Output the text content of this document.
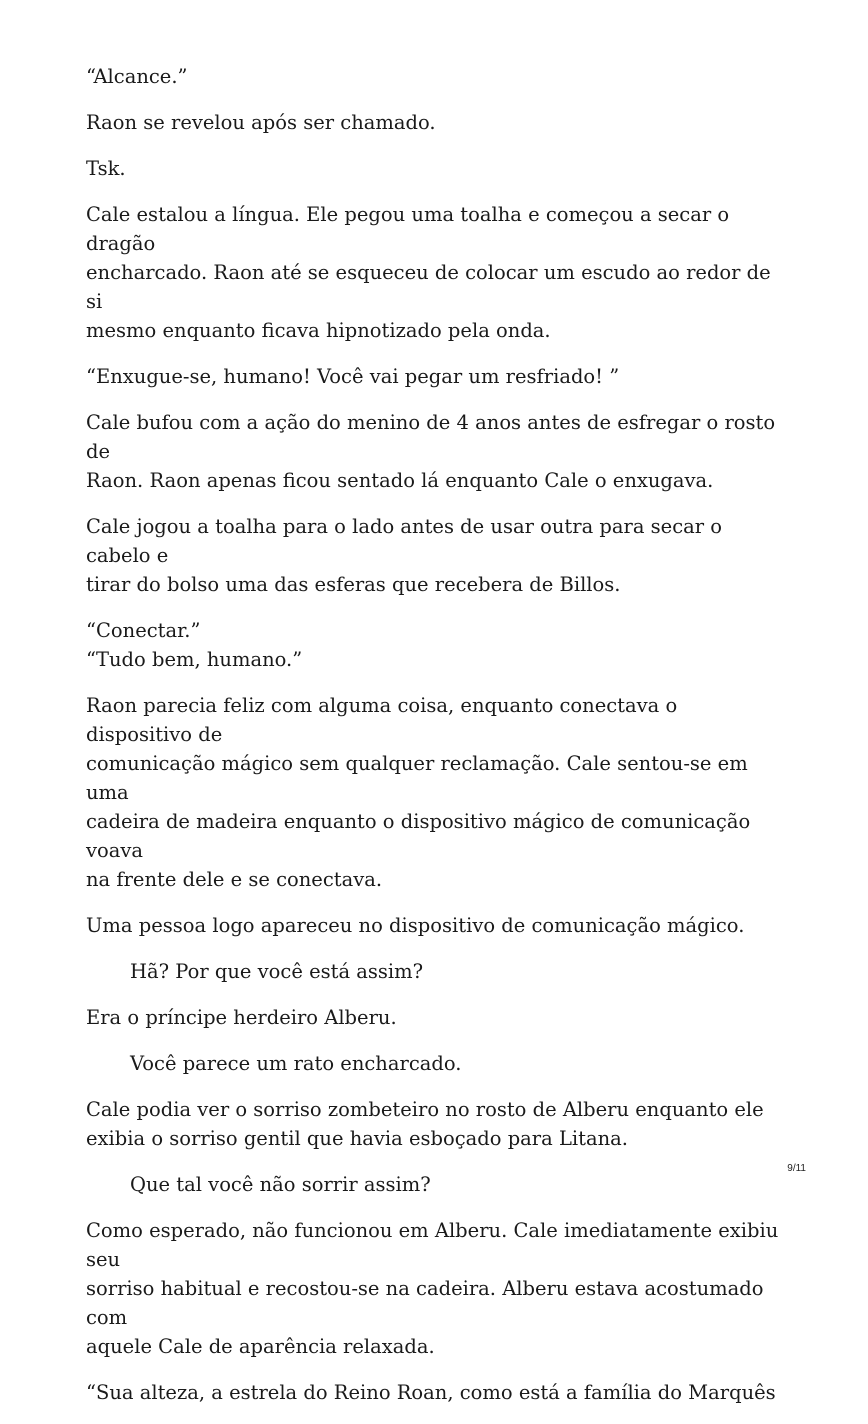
“Alcance.”

Raon se revelou após ser chamado.

Tsk.

Cale estalou a língua. Ele pegou uma toalha e começou a secar o dragão
encharcado. Raon até se esqueceu de colocar um escudo ao redor de si
mesmo enquanto ficava hipnotizado pela onda.

“Enxugue-se, humano! Você vai pegar um resfriado! ”

Cale bufou com a ação do menino de 4 anos antes de esfregar o rosto de
Raon. Raon apenas ficou sentado lá enquanto Cale o enxugava.

Cale jogou a toalha para o lado antes de usar outra para secar o cabelo e
tirar do bolso uma das esferas que recebera de Billos.

“Conectar.”
“Tudo bem, humano.”

Raon parecia feliz com alguma coisa, enquanto conectava o dispositivo de
comunicação mágico sem qualquer reclamação. Cale sentou-se em uma
cadeira de madeira enquanto o dispositivo mágico de comunicação voava
na frente dele e se conectava.

Uma pessoa logo apareceu no dispositivo de comunicação mágico.

Hã? Por que você está assim?

Era o príncipe herdeiro Alberu.

Você parece um rato encharcado.

Cale podia ver o sorriso zombeteiro no rosto de Alberu enquanto ele
exibia o sorriso gentil que havia esboçado para Litana.

Que tal você não sorrir assim?

Como esperado, não funcionou em Alberu. Cale imediatamente exibiu seu
sorriso habitual e recostou-se na cadeira. Alberu estava acostumado com
aquele Cale de aparência relaxada.

“Sua alteza, a estrela do Reino Roan, como está a família do Marquês

9/11
